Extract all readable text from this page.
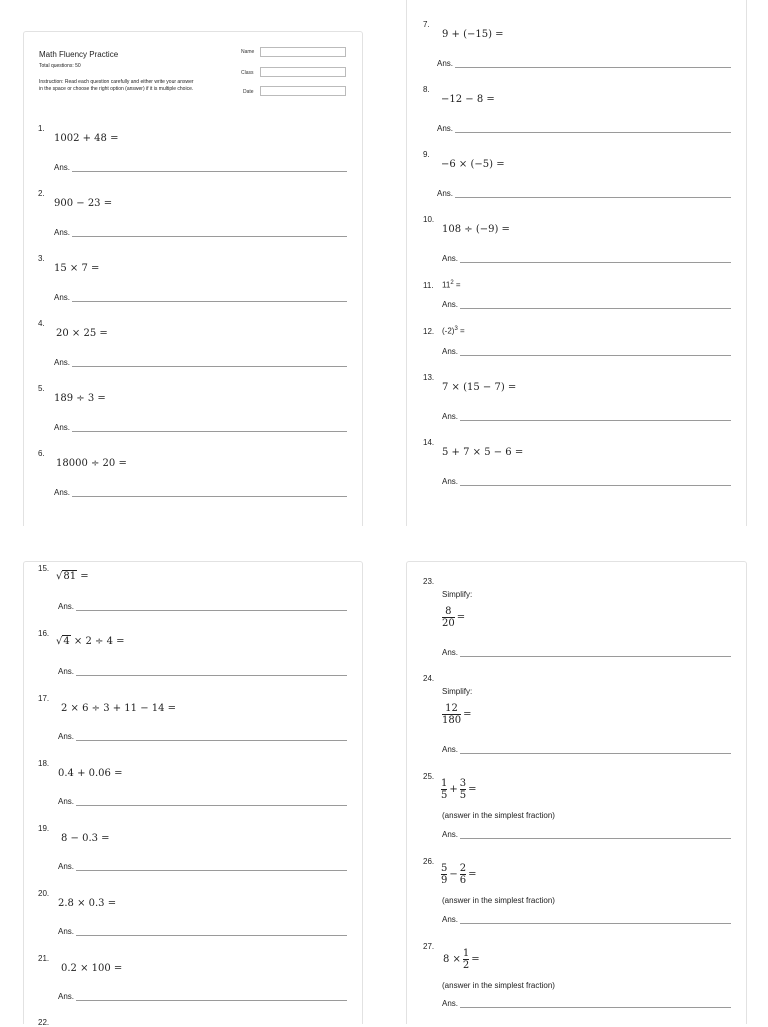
Math Fluency Practice
Total questions: 50
Instruction: Read each question carefully and either write your answer
in the space or choose the right option (answer) if it is multiple choice.
Name
Class
Date
1.
1002 + 48 =
Ans.
2.
900 − 23 =
Ans.
3.
15 × 7 =
Ans.
4.
20 × 25 =
Ans.
5.
189 ÷ 3 =
Ans.
6.
18000 ÷ 20 =
Ans.
7.
9 + (−15) =
Ans.
8.
−12 − 8 =
Ans.
9.
−6 × (−5) =
Ans.
10.
108 ÷ (−9) =
Ans.
11. $11^2$ =
Ans.
12. $(-2)^3$ =
Ans.
13.
7 × (15 − 7) =
Ans.
14.
5 + 7 × 5 − 6 =
Ans.
15.
√81 =
Ans.
16.
√4 × 2 ÷ 4 =
Ans.
17.
2 × 6 ÷ 3 + 11 − 14 =
Ans.
18.
0.4 + 0.06 =
Ans.
19.
8 − 0.3 =
Ans.
20.
2.8 × 0.3 =
Ans.
21.
0.2 × 100 =
Ans.
22.
23.
Simplify:
$\frac{8}{20}$ =
Ans.
24.
Simplify:
$\frac{12}{180}$ =
Ans.
25.
$\frac{1}{5} + \frac{3}{5}$ =
(answer in the simplest fraction)
Ans.
26.
$\frac{5}{9} - \frac{2}{6}$ =
(answer in the simplest fraction)
Ans.
27.
$8 \times \frac{1}{2}$ =
(answer in the simplest fraction)
Ans.
